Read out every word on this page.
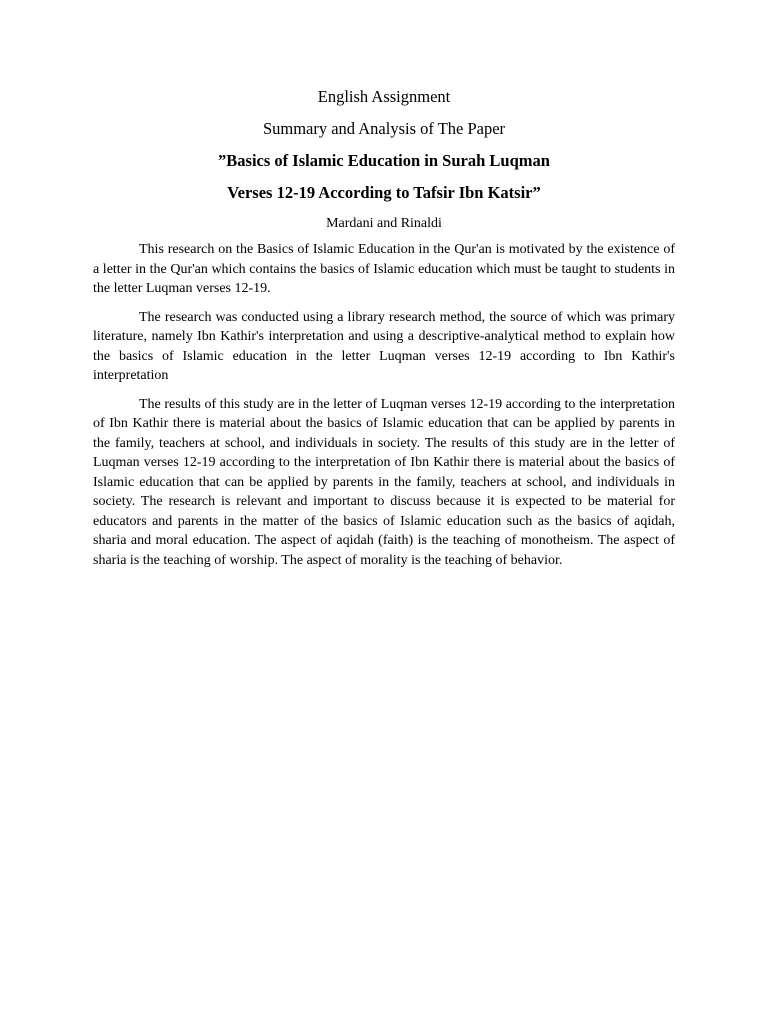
English Assignment

Summary and Analysis of The Paper

”Basics of Islamic Education in Surah Luqman

Verses 12-19 According to Tafsir Ibn Katsir”

Mardani and Rinaldi

This research on the Basics of Islamic Education in the Qur'an is motivated by the existence of a letter in the Qur'an which contains the basics of Islamic education which must be taught to students in the letter Luqman verses 12-19.

The research was conducted using a library research method, the source of which was primary literature, namely Ibn Kathir's interpretation and using a descriptive-analytical method to explain how the basics of Islamic education in the letter Luqman verses 12-19 according to Ibn Kathir's interpretation

The results of this study are in the letter of Luqman verses 12-19 according to the interpretation of Ibn Kathir there is material about the basics of Islamic education that can be applied by parents in the family, teachers at school, and individuals in society. The results of this study are in the letter of Luqman verses 12-19 according to the interpretation of Ibn Kathir there is material about the basics of Islamic education that can be applied by parents in the family, teachers at school, and individuals in society. The research is relevant and important to discuss because it is expected to be material for educators and parents in the matter of the basics of Islamic education such as the basics of aqidah, sharia and moral education. The aspect of aqidah (faith) is the teaching of monotheism. The aspect of sharia is the teaching of worship. The aspect of morality is the teaching of behavior.
